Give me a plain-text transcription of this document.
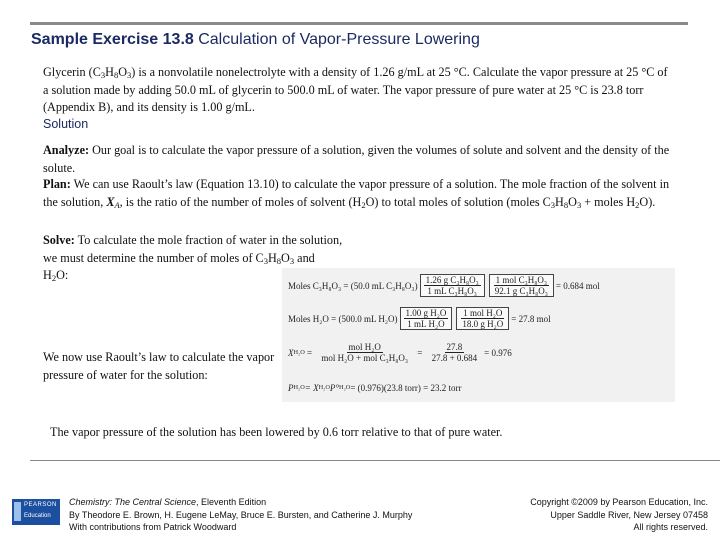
Sample Exercise 13.8 Calculation of Vapor-Pressure Lowering
Glycerin $(C_3H_8O_3)$ is a nonvolatile nonelectrolyte with a density of 1.26 g/mL at 25 °C. Calculate the vapor pressure at 25 °C of a solution made by adding 50.0 mL of glycerin to 500.0 mL of water. The vapor pressure of pure water at 25 °C is 23.8 torr (Appendix B), and its density is 1.00 g/mL.
Solution
Analyze: Our goal is to calculate the vapor pressure of a solution, given the volumes of solute and solvent and the density of the solute.
Plan: We can use Raoult’s law (Equation 13.10) to calculate the vapor pressure of a solution. The mole fraction of the solvent in the solution, $X_A$, is the ratio of the number of moles of solvent $(H_2O)$ to total moles of solution (moles $C_3H_8O_3$ + moles $H_2O$).
Solve: To calculate the mole fraction of water in the solution, we must determine the number of moles of $C_3H_8O_3$ and $H_2O$:
Moles C₃H₈O₃ = (50.0 mL $C_3H_8O_3) \frac{\text{1.26 g C₃H₈O₃}}{\text{1 mL C₃H₈O₃}} \frac{\text{1 mol C₃H₈O₃}}{\text{92.1 g C₃H₈O₃}} = 0.684$ mol
Moles H₂O = (500.0 mL $H_2O) \frac{\text{1.00 g H₂O}}{\text{1 mL H₂O}} \frac{\text{1 mol H₂O}}{\text{18.0 g H₂O}} = 27.8$ mol
X $H_2O = \frac{\text{mol H₂O}}{\text{mol H₂O + mol C₃H₈O₃}} = \frac{27.8}{27.8 + 0.684} = 0.976$
P H₂O = X H₂O P° H₂O = (0.976)(23.8 torr) = 23.2 torr
We now use Raoult’s law to calculate the vapor pressure of water for the solution:
The vapor pressure of the solution has been lowered by 0.6 torr relative to that of pure water.
PEARSON
Education
Chemistry: The Central Science, Eleventh Edition
By Theodore E. Brown, H. Eugene LeMay, Bruce E. Bursten, and Catherine J. Murphy
With contributions from Patrick Woodward
Copyright ©2009 by Pearson Education, Inc.
Upper Saddle River, New Jersey 07458
All rights reserved.
